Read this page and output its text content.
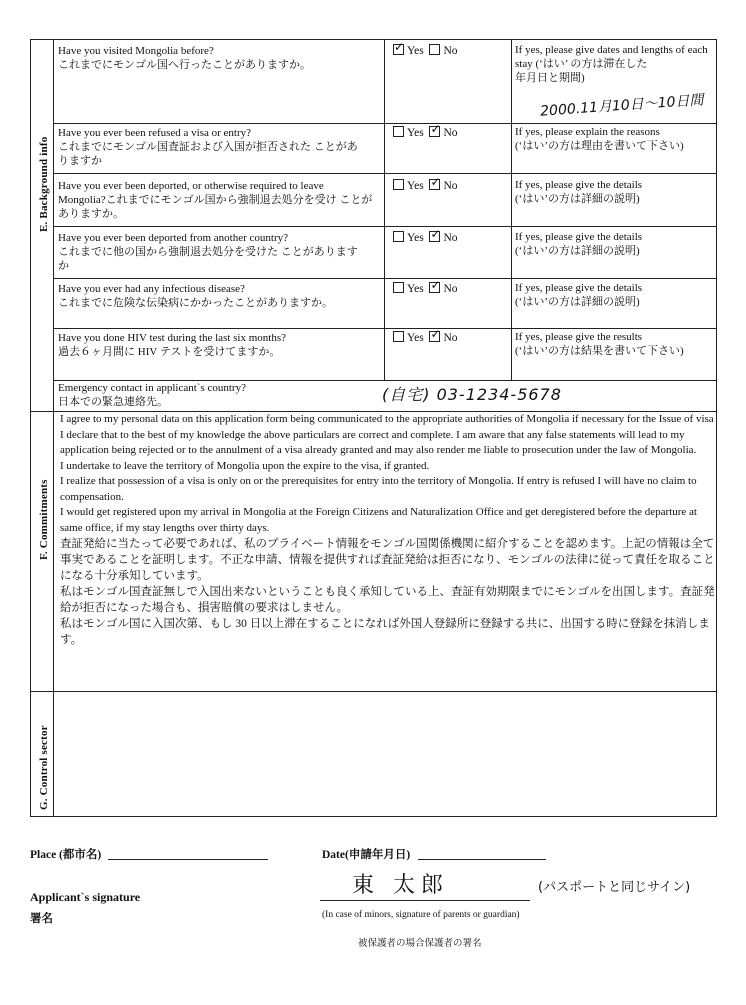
E. Background info
F. Commitments
G. Control sector
Have you visited Mongolia before?
これまでにモンゴル国へ行ったことがありますか。
✓Yes No	If yes, please give dates and lengths of each stay (‘はい’ の方は滞在した
年月日と期間)
2000.11月10日〜10日間
Have you ever been refused a visa or entry?
これまでにモンゴル国査証および入国が拒否された ことがありますか
Yes ✓ No	If yes, please explain the reasons
(‘はい’の方は理由を書いて下さい)
Have you ever been deported, or otherwise required to leave
Mongolia?これまでにモンゴル国から強制退去処分を受け ことがありますか。
Yes ✓ No	If yes, please give the details
(‘はい’の方は詳細の説明)
Have you ever been deported from another country?
これまでに他の国から強制退去処分を受けた ことがありますか
Yes ✓ No	If yes, please give the details
(‘はい’の方は詳細の説明)
Have you ever had any infectious disease?
これまでに危険な伝染病にかかったことがありますか。
Yes ✓ No	If yes, please give the details
(‘はい’の方は詳細の説明)
Have you done HIV test during the last six months?
過去６ヶ月間に HIV テストを受けてますか。
Yes ✓ No	If yes, please give the results
(‘はい’の方は結果を書いて下さい)
Emergency contact in applicant`s country?
日本での緊急連絡先。	(自宅) 03-1234-5678

I agree to my personal data on this application form being communicated to the appropriate authorities of Mongolia if necessary for the Issue of visa

I declare that to the best of my knowledge the above particulars are correct and complete. I am aware that any false statements will lead to my application being rejected or to the annulment of a visa already granted and may also render me liable to prosecution under the law of Mongolia.

I undertake to leave the territory of Mongolia upon the expire to the visa, if granted.

I realize that possession of a visa is only on or the prerequisites for entry into the territory of Mongolia. If entry is refused I will have no claim to compensation.

I would get registered upon my arrival in Mongolia at the Foreign Citizens and Naturalization Office and get deregistered before the departure at same office, if my stay lengths over thirty days.

査証発給に当たって必要であれば、私のプライベート情報をモンゴル国関係機関に紹介することを認めます。上記の情報は全て事実であることを証明します。不正な申請、情報を提供すれば査証発給は拒否になり、モンゴルの法律に従って責任を取ることになる十分承知しています。

私はモンゴル国査証無しで入国出来ないということも良く承知している上、査証有効期限までにモンゴルを出国します。査証発給が拒否になった場合も、損害賠償の要求はしません。

私はモンゴル国に入国次第、もし 30 日以上滞在することになれば外国人登録所に登録する共に、出国する時に登録を抹消します。

Place (都市名)	Date(申請年月日)
Applicant`s signature
署名
東 太郎	(パスポートと同じサイン)
(In case of minors, signature of parents or guardian)
被保護者の場合保護者の署名
